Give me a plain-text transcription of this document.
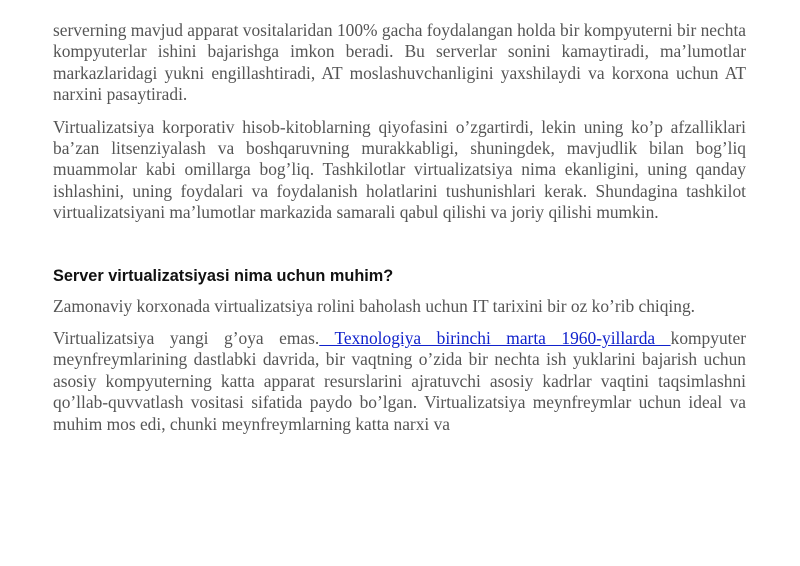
serverning mavjud apparat vositalaridan 100% gacha foydalangan holda bir kompyuterni bir nechta kompyuterlar ishini bajarishga imkon beradi. Bu serverlar sonini kamaytiradi, ma’lumotlar markazlaridagi yukni engillashtiradi, AT moslashuvchanligini yaxshilaydi va korxona uchun AT narxini pasaytiradi.

Virtualizatsiya korporativ hisob-kitoblarning qiyofasini o’zgartirdi, lekin uning ko’p afzalliklari ba’zan litsenziyalash va boshqaruvning murakkabligi, shuningdek, mavjudlik bilan bog’liq muammolar kabi omillarga bog’liq. Tashkilotlar virtualizatsiya nima ekanligini, uning qanday ishlashini, uning foydalari va foydalanish holatlarini tushunishlari kerak. Shundagina tashkilot virtualizatsiyani ma’lumotlar markazida samarali qabul qilishi va joriy qilishi mumkin.

Server virtualizatsiyasi nima uchun muhim?

Zamonaviy korxonada virtualizatsiya rolini baholash uchun IT tarixini bir oz ko’rib chiqing.

Virtualizatsiya yangi g’oya emas. Texnologiya birinchi marta 1960-yillarda kompyuter meynfreymlarining dastlabki davrida, bir vaqtning o’zida bir nechta ish yuklarini bajarish uchun asosiy kompyuterning katta apparat resurslarini ajratuvchi asosiy kadrlar vaqtini taqsimlashni qo’llab-quvvatlash vositasi sifatida paydo bo’lgan. Virtualizatsiya meynfreymlar uchun ideal va muhim mos edi, chunki meynfreymlarning katta narxi va
